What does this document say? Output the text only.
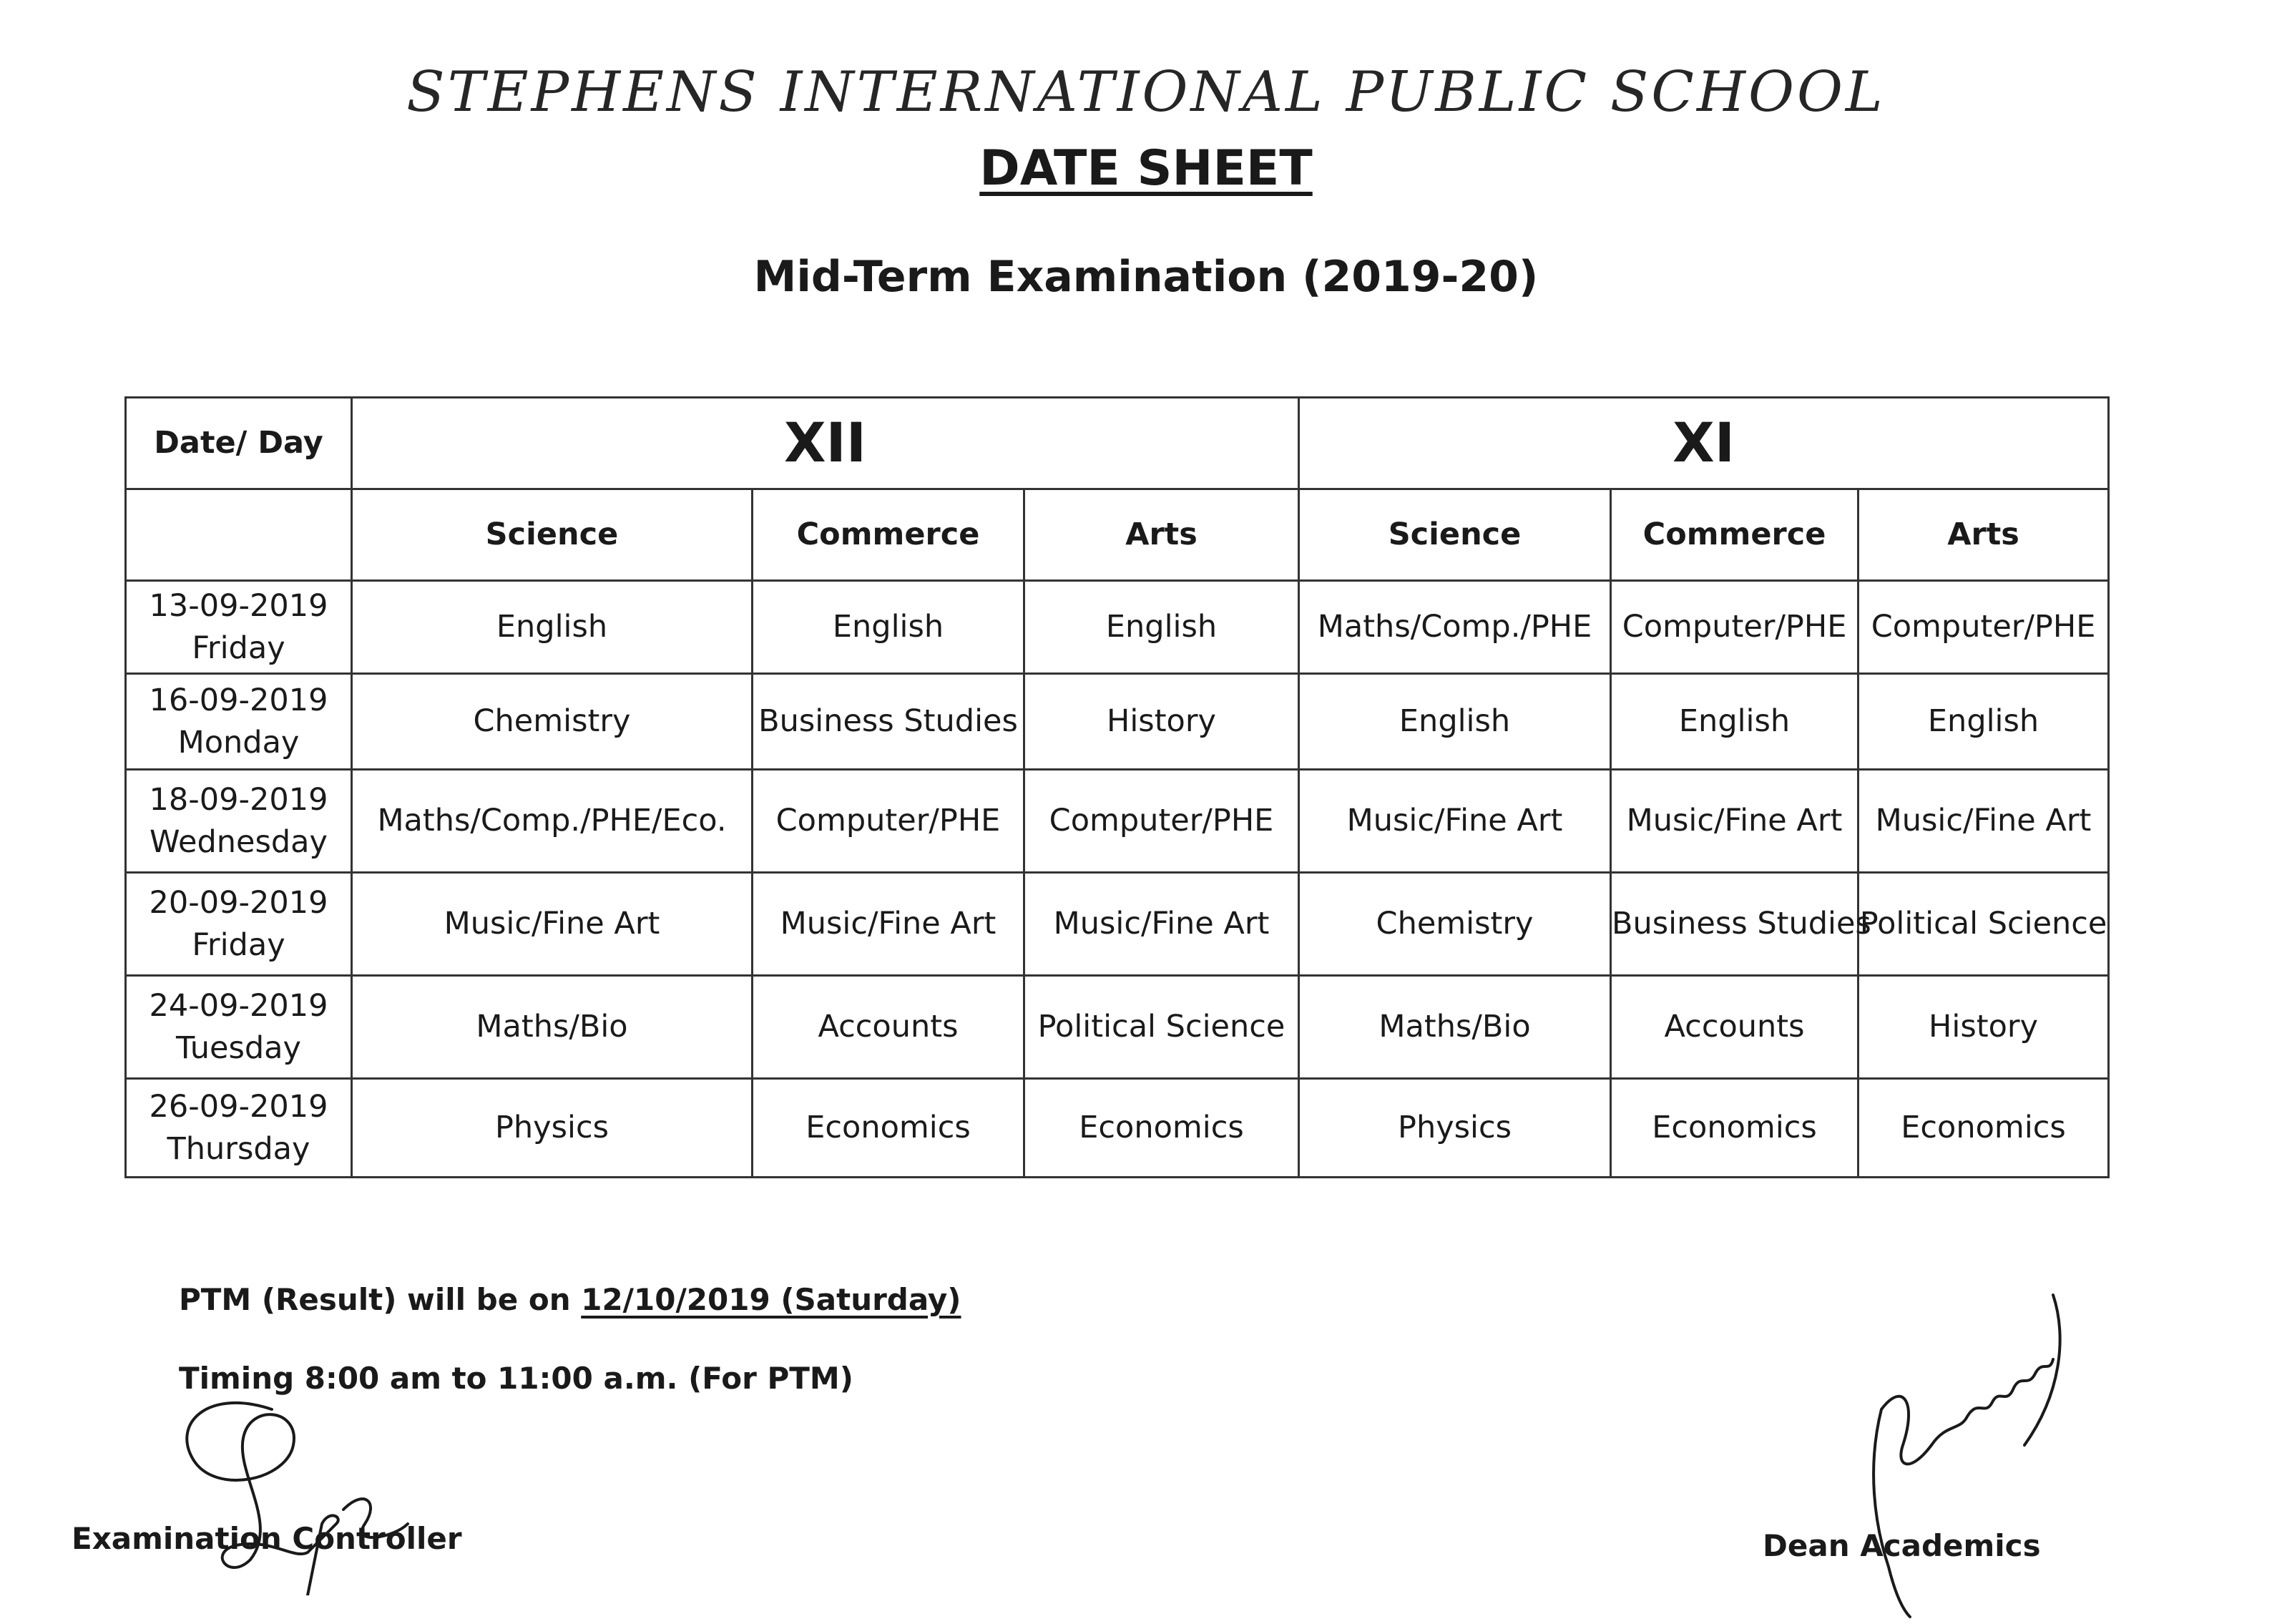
STEPHENS INTERNATIONAL PUBLIC SCHOOL
DATE SHEET
Mid-Term Examination (2019-20)
Date/ Day	XII			XI		
	Science	Commerce	Arts	Science	Commerce	Arts

13-09-2019
Friday	English	English	English	Maths/Comp./PHE	Computer/PHE	Computer/PHE

16-09-2019
Monday	Chemistry	Business Studies	History	English	English	English

18-09-2019
Wednesday	Maths/Comp./PHE/Eco.	Computer/PHE	Computer/PHE	Music/Fine Art	Music/Fine Art	Music/Fine Art

20-09-2019
Friday	Music/Fine Art	Music/Fine Art	Music/Fine Art	Chemistry	Business Studies	Political Science

24-09-2019
Tuesday	Maths/Bio	Accounts	Political Science	Maths/Bio	Accounts	History

26-09-2019
Thursday	Physics	Economics	Economics	Physics	Economics	Economics
PTM (Result) will be on 12/10/2019 (Saturday)
Timing 8:00 am to 11:00 a.m. (For PTM)
Examination Controller	Dean Academics
